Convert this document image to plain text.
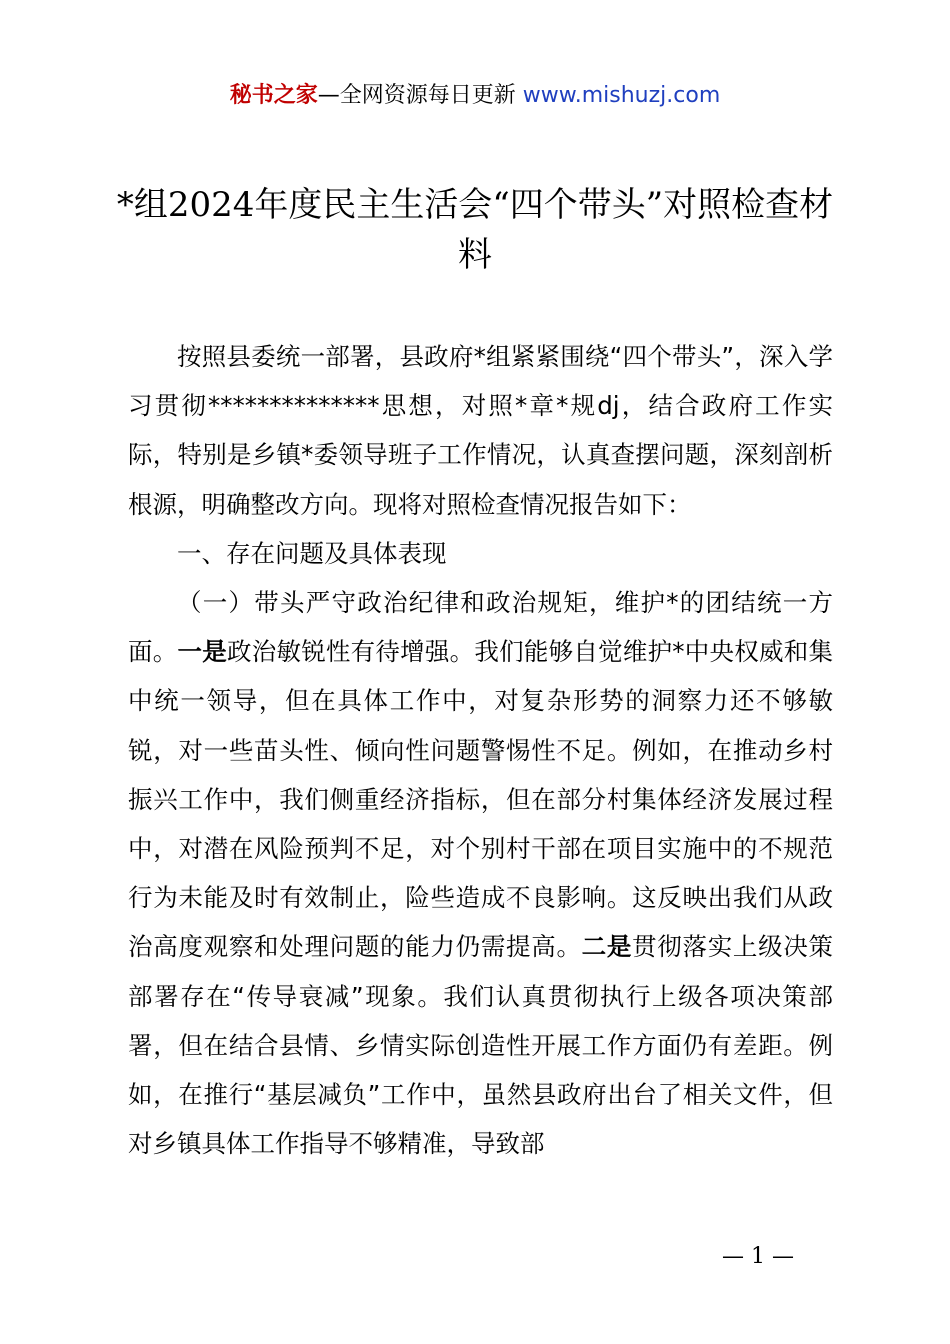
秘书之家—全网资源每日更新 www.mishuzj.com
*组2024年度民主生活会“四个带头”对照检查材料

按照县委统一部署，县政府*组紧紧围绕“四个带头”，深入学习贯彻**************思想，对照*章*规dj，结合政府工作实际，特别是乡镇*委领导班子工作情况，认真查摆问题，深刻剖析根源，明确整改方向。现将对照检查情况报告如下：

一、存在问题及具体表现

（一）带头严守政治纪律和政治规矩，维护*的团结统一方面。一是政治敏锐性有待增强。我们能够自觉维护*中央权威和集中统一领导，但在具体工作中，对复杂形势的洞察力还不够敏锐，对一些苗头性、倾向性问题警惕性不足。例如，在推动乡村振兴工作中，我们侧重经济指标，但在部分村集体经济发展过程中，对潜在风险预判不足，对个别村干部在项目实施中的不规范行为未能及时有效制止，险些造成不良影响。这反映出我们从政治高度观察和处理问题的能力仍需提高。二是贯彻落实上级决策部署存在“传导衰减”现象。我们认真贯彻执行上级各项决策部署，但在结合县情、乡情实际创造性开展工作方面仍有差距。例如，在推行“基层减负”工作中，虽然县政府出台了相关文件，但对乡镇具体工作指导不够精准，导致部

— 1 —
